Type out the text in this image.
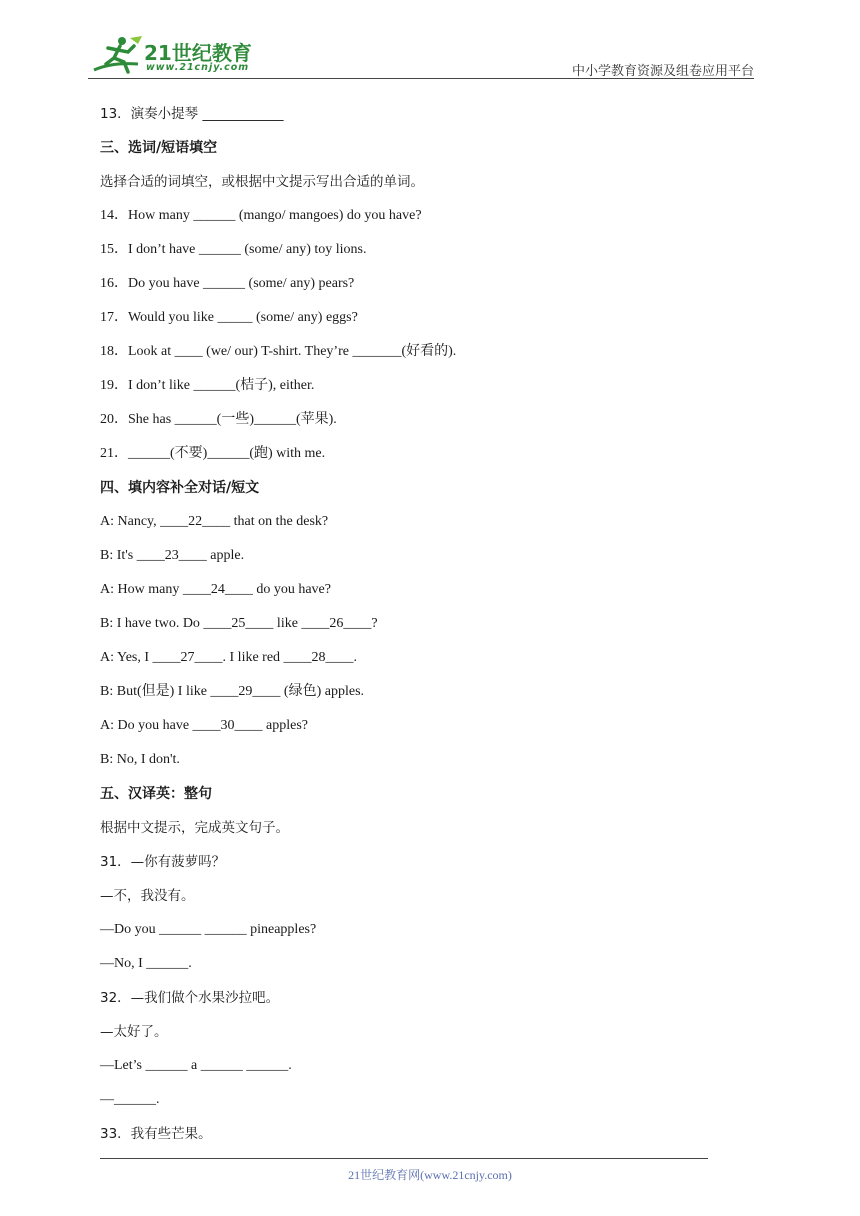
21世纪教育
www.21cnjy.com	中小学教育资源及组卷应用平台
13．演奏小提琴 ____________
三、选词/短语填空
选择合适的词填空，或根据中文提示写出合适的单词。
14．How many ______ (mango/ mangoes) do you have?
15．I don’t have ______ (some/ any) toy lions.
16．Do you have ______ (some/ any) pears?
17．Would you like _____ (some/ any) eggs?
18．Look at ____ (we/ our) T-shirt. They’re _______(好看的).
19．I don’t like ______(桔子), either.
20．She has ______(一些)______(苹果).
21．______(不要)______(跑) with me.
四、填内容补全对话/短文
A: Nancy, ____22____ that on the desk?
B: It's ____23____ apple.
A: How many ____24____ do you have?
B: I have two. Do ____25____ like ____26____?
A: Yes, I ____27____. I like red ____28____.
B: But(但是) I like ____29____ (绿色) apples.
A: Do you have ____30____ apples?
B: No, I don't.
五、汉译英：整句
根据中文提示，完成英文句子。
31．—你有菠萝吗？
—不，我没有。
—Do you ______ ______ pineapples?
—No, I ______.
32．—我们做个水果沙拉吧。
—太好了。
—Let’s ______ a ______ ______.
—______.
33．我有些芒果。
21世纪教育网(www.21cnjy.com)
